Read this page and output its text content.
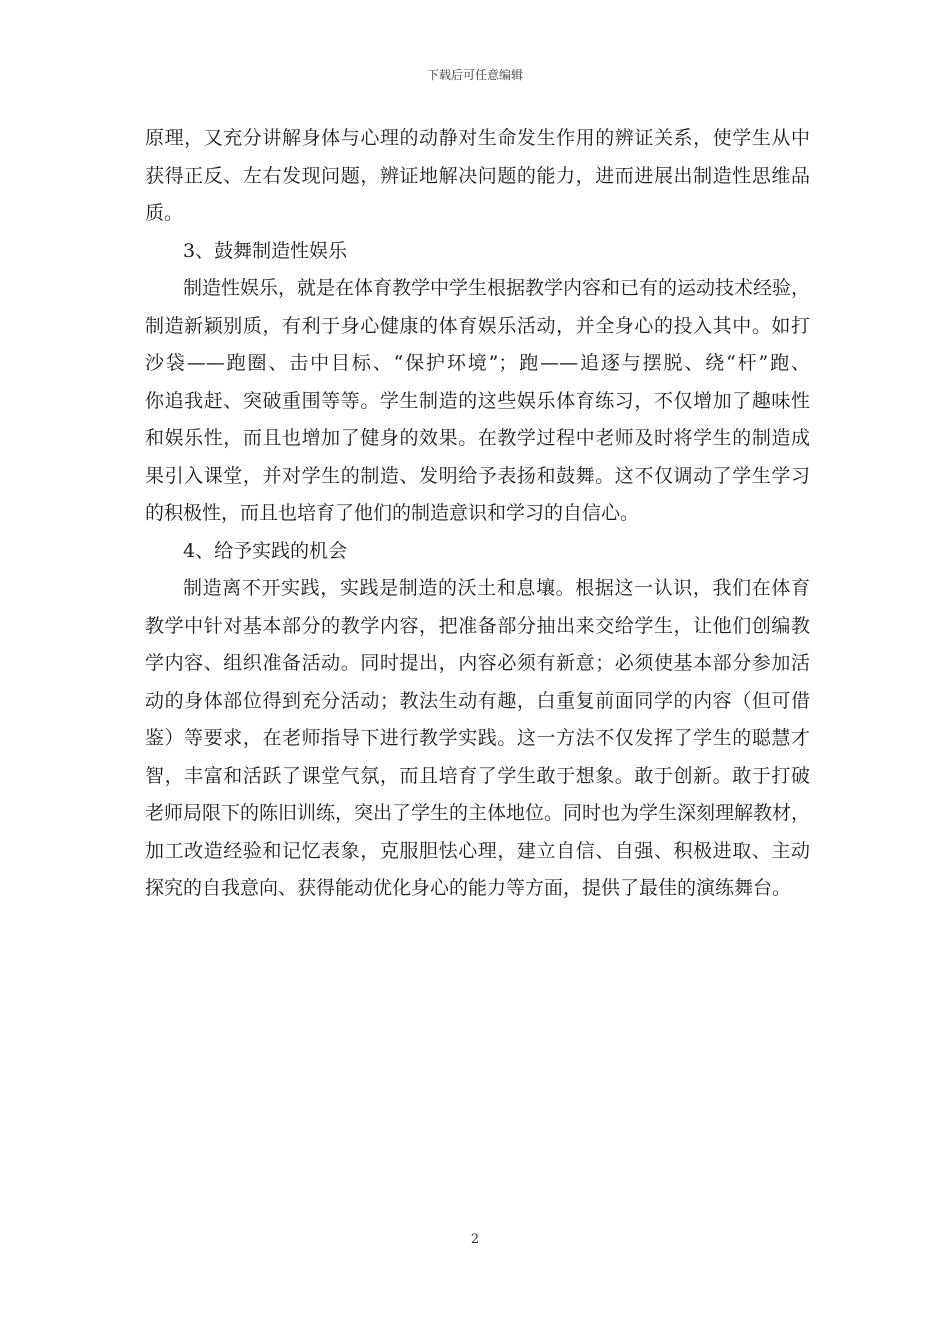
下载后可任意编辑
原理，又充分讲解身体与心理的动静对生命发生作用的辨证关系，使学生从中
获得正反、左右发现问题，辨证地解决问题的能力，进而进展出制造性思维品
质。
3、鼓舞制造性娱乐
制造性娱乐，就是在体育教学中学生根据教学内容和已有的运动技术经验，
制造新颖别质，有利于身心健康的体育娱乐活动，并全身心的投入其中。如打
沙袋——跑圈、击中目标、“保护环境”；跑——追逐与摆脱、绕“杆”跑、
你追我赶、突破重围等等。学生制造的这些娱乐体育练习，不仅增加了趣味性
和娱乐性，而且也增加了健身的效果。在教学过程中老师及时将学生的制造成
果引入课堂，并对学生的制造、发明给予表扬和鼓舞。这不仅调动了学生学习
的积极性，而且也培育了他们的制造意识和学习的自信心。
4、给予实践的机会
制造离不开实践，实践是制造的沃土和息壤。根据这一认识，我们在体育
教学中针对基本部分的教学内容，把准备部分抽出来交给学生，让他们创编教
学内容、组织准备活动。同时提出，内容必须有新意；必须使基本部分参加活
动的身体部位得到充分活动；教法生动有趣，白重复前面同学的内容（但可借
鉴）等要求，在老师指导下进行教学实践。这一方法不仅发挥了学生的聪慧才
智，丰富和活跃了课堂气氛，而且培育了学生敢于想象。敢于创新。敢于打破
老师局限下的陈旧训练，突出了学生的主体地位。同时也为学生深刻理解教材，
加工改造经验和记忆表象，克服胆怯心理，建立自信、自强、积极进取、主动
探究的自我意向、获得能动优化身心的能力等方面，提供了最佳的演练舞台。
2
